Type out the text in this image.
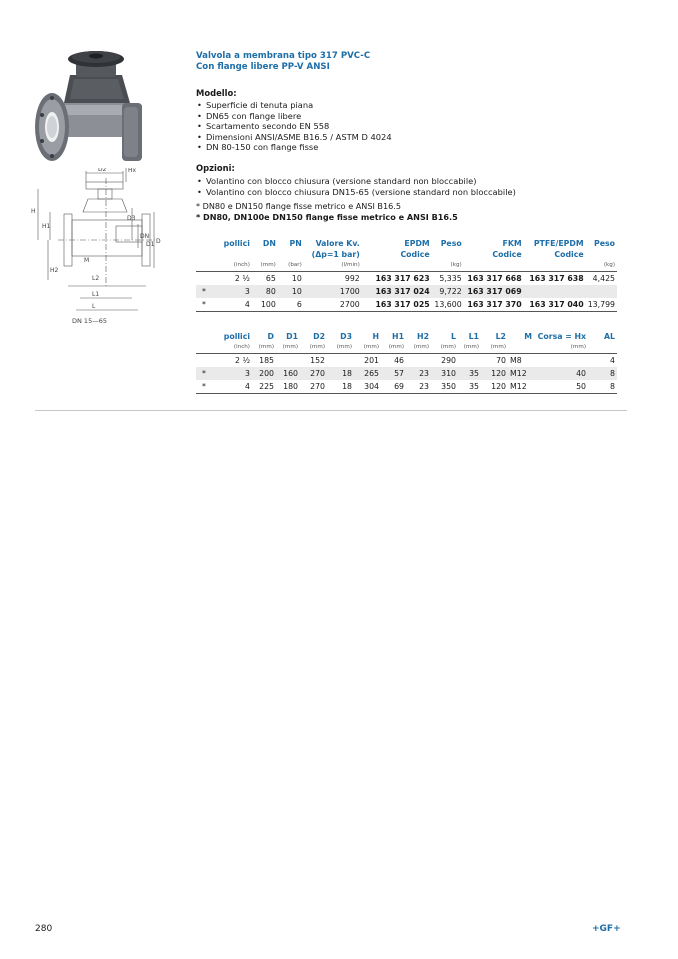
D2	Hx
H
H1
H2
D3
DN
D1 D
M
L2
L1
L
DN 15—65
Valvola a membrana tipo 317 PVC-C
Con flange libere PP-V ANSI
Modello:
• Superficie di tenuta piana
• DN65 con flange libere
• Scartamento secondo EN 558
• Dimensioni ANSI/ASME B16.5 / ASTM D 4024
• DN 80-150 con flange fisse
Opzioni:
• Volantino con blocco chiusura (versione standard non bloccabile)
• Volantino con blocco chiusura DN15-65 (versione standard non bloccabile)
* DN80 e DN150 flange fisse metrico e ANSI B16.5
* DN80, DN100e DN150 flange fisse metrico e ANSI B16.5
	pollici	DN	PN	Valore Kv.	EPDM	Peso	FKM	PTFE/EPDM	Peso
				(Δp=1 bar)	Codice		Codice	Codice	
	(inch)	(mm)	(bar)	(l/min)		(kg)			(kg)

	2 ½	65	10	992	163 317 623	5,335	163 317 668	163 317 638	4,425
*	3	80	10	1700	163 317 024	9,722	163 317 069		
*	4	100	6	2700	163 317 025	13,600	163 317 370	163 317 040	13,799
	pollici	D	D1	D2	D3	H	H1	H2	L	L1	L2	M	Corsa = Hx	AL
	(inch)	(mm)	(mm)	(mm)	(mm)	(mm)	(mm)	(mm)	(mm)	(mm)	(mm)		(mm)	

	2 ½	185		152		201	46		290		70	M8		4
*	3	200	160	270	18	265	57	23	310	35	120	M12	40	8
*	4	225	180	270	18	304	69	23	350	35	120	M12	50	8
280	+GF+
